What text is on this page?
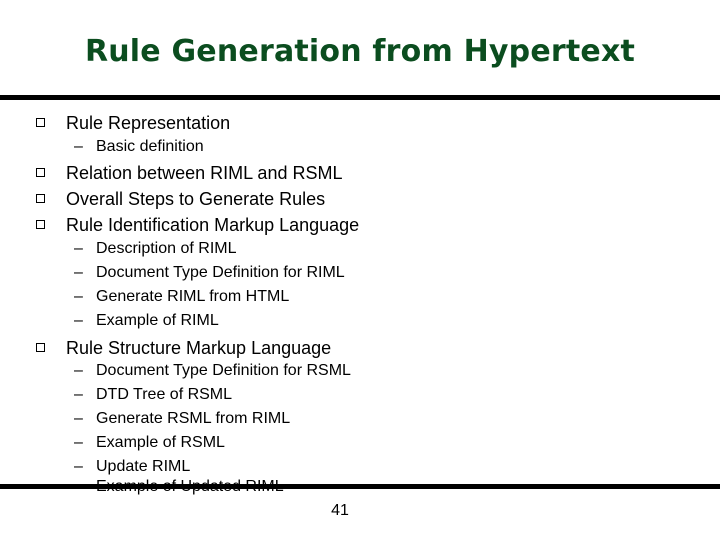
Rule Generation from Hypertext
Rule Representation
– Basic definition
Relation between RIML and RSML
Overall Steps to Generate Rules
Rule Identification Markup Language
– Description of RIML
– Document Type Definition for RIML
– Generate RIML from HTML
– Example of RIML
Rule Structure Markup Language
– Document Type Definition for RSML
– DTD Tree of RSML
– Generate RSML from RIML
– Example of RSML
– Update RIML
41
